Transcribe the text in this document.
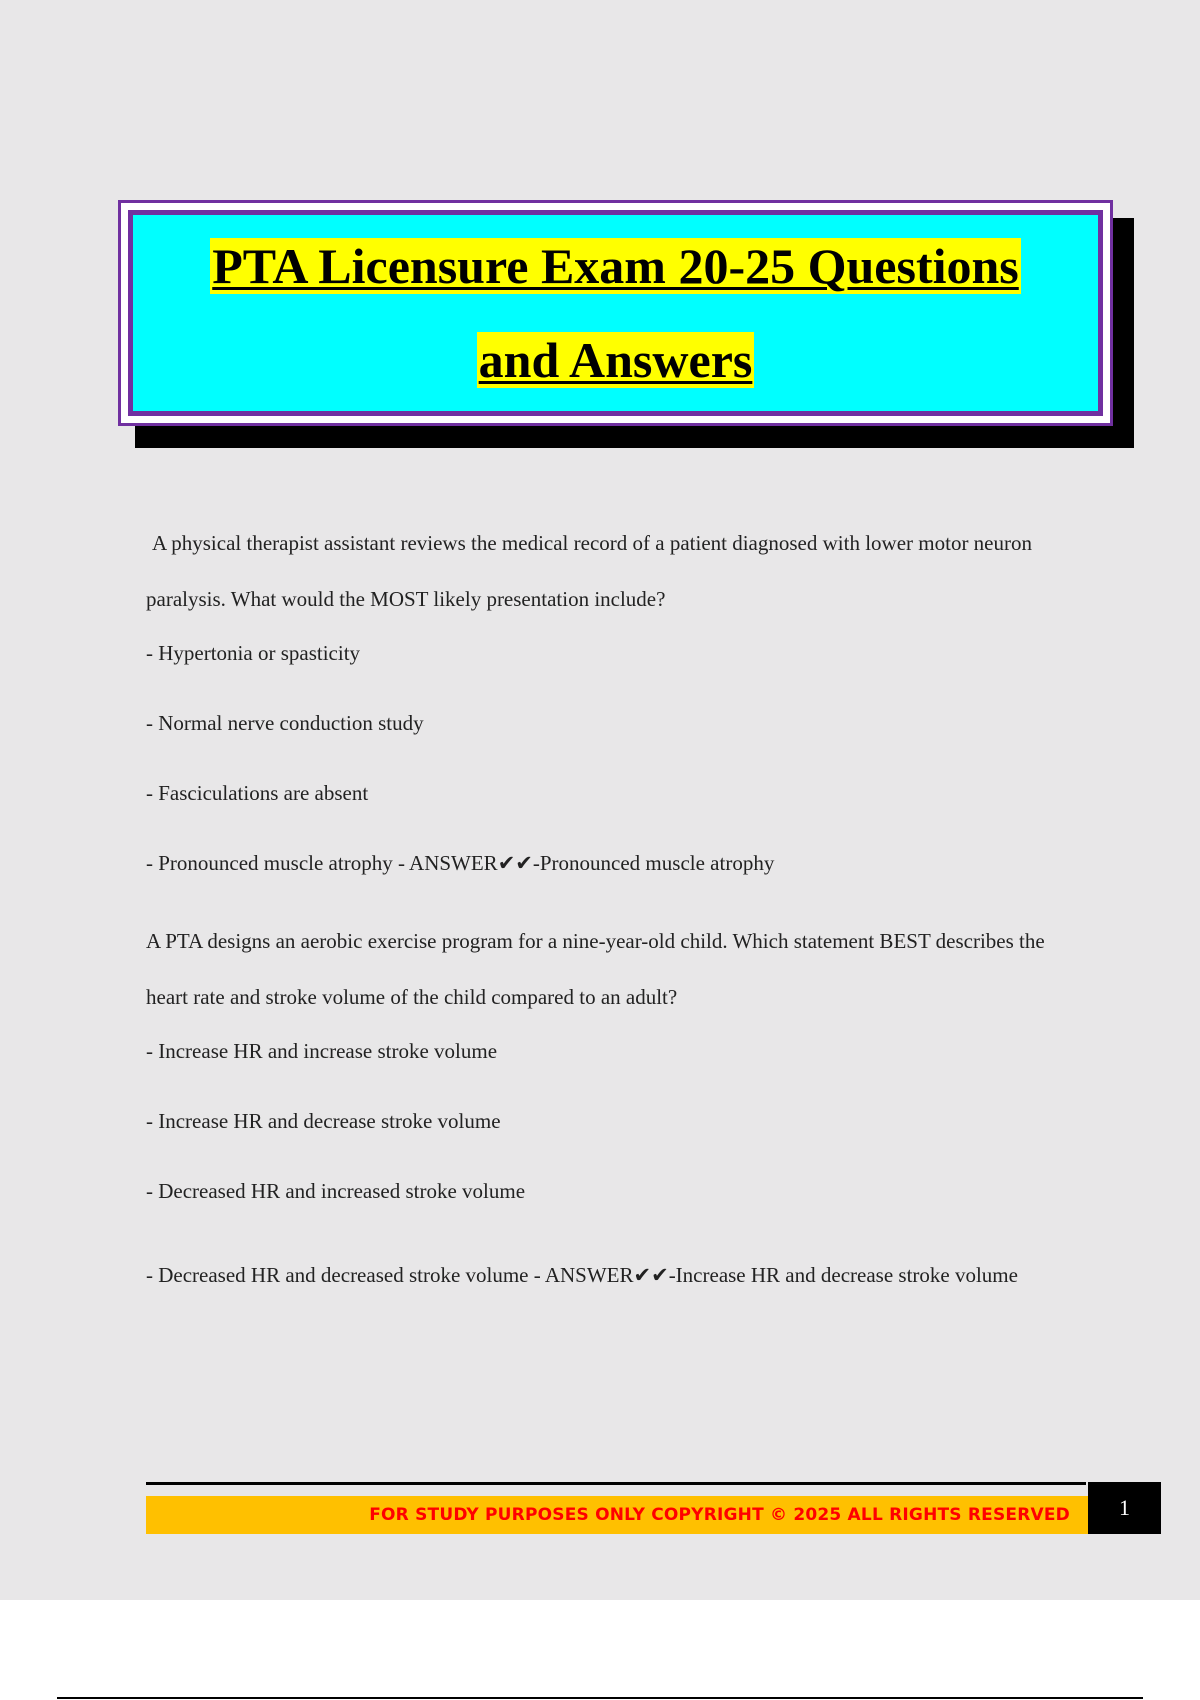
PTA Licensure Exam 20-25 Questions
and Answers

A physical therapist assistant reviews the medical record of a patient diagnosed with lower motor neuron paralysis. What would the MOST likely presentation include?

- Hypertonia or spasticity

- Normal nerve conduction study

- Fasciculations are absent

- Pronounced muscle atrophy - ANSWER✔✔-Pronounced muscle atrophy

A PTA designs an aerobic exercise program for a nine-year-old child. Which statement BEST describes the heart rate and stroke volume of the child compared to an adult?

- Increase HR and increase stroke volume

- Increase HR and decrease stroke volume

- Decreased HR and increased stroke volume

- Decreased HR and decreased stroke volume - ANSWER✔✔-Increase HR and decrease stroke volume

FOR STUDY PURPOSES ONLY COPYRIGHT © 2025 ALL RIGHTS RESERVED 1
